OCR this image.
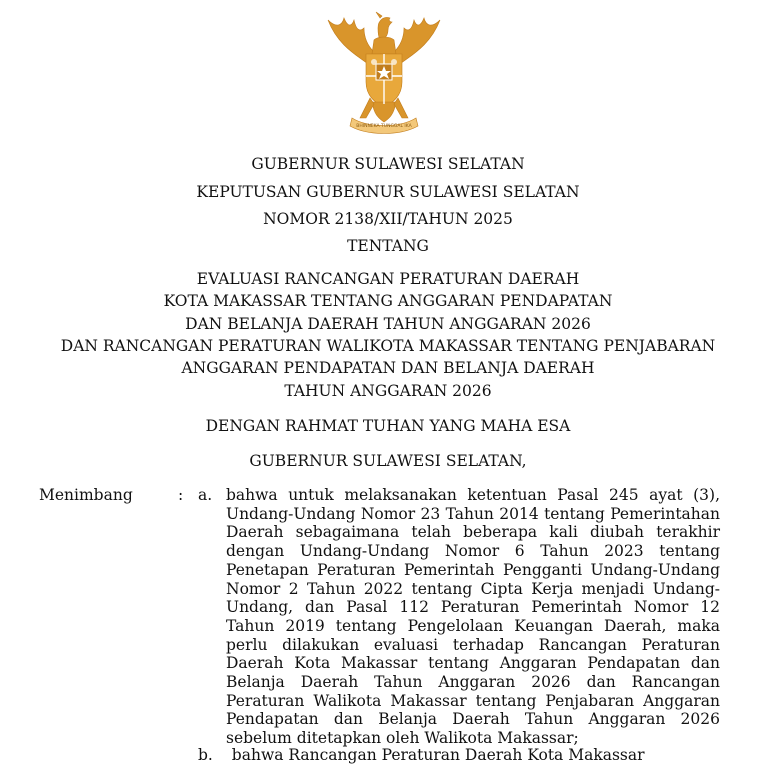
BHINNEKA TUNGGAL IKA
GUBERNUR SULAWESI SELATAN
KEPUTUSAN GUBERNUR SULAWESI SELATAN
NOMOR 2138/XII/TAHUN 2025
TENTANG
EVALUASI RANCANGAN PERATURAN DAERAH
KOTA MAKASSAR TENTANG ANGGARAN PENDAPATAN
DAN BELANJA DAERAH TAHUN ANGGARAN 2026
DAN RANCANGAN PERATURAN WALIKOTA MAKASSAR TENTANG PENJABARAN
ANGGARAN PENDAPATAN DAN BELANJA DAERAH
TAHUN ANGGARAN 2026
DENGAN RAHMAT TUHAN YANG MAHA ESA
GUBERNUR SULAWESI SELATAN,
Menimbang	: a. bahwa untuk melaksanakan ketentuan Pasal 245 ayat (3), Undang-Undang Nomor 23 Tahun 2014 tentang Pemerintahan Daerah sebagaimana telah beberapa kali diubah terakhir dengan Undang-Undang Nomor 6 Tahun 2023 tentang Penetapan Peraturan Pemerintah Pengganti Undang-Undang Nomor 2 Tahun 2022 tentang Cipta Kerja menjadi Undang-Undang, dan Pasal 112 Peraturan Pemerintah Nomor 12 Tahun 2019 tentang Pengelolaan Keuangan Daerah, maka perlu dilakukan evaluasi terhadap Rancangan Peraturan Daerah Kota Makassar tentang Anggaran Pendapatan dan Belanja Daerah Tahun Anggaran 2026 dan Rancangan Peraturan Walikota Makassar tentang Penjabaran Anggaran Pendapatan dan Belanja Daerah Tahun Anggaran 2026 sebelum ditetapkan oleh Walikota Makassar;
b. bahwa Rancangan Peraturan Daerah Kota Makassar
